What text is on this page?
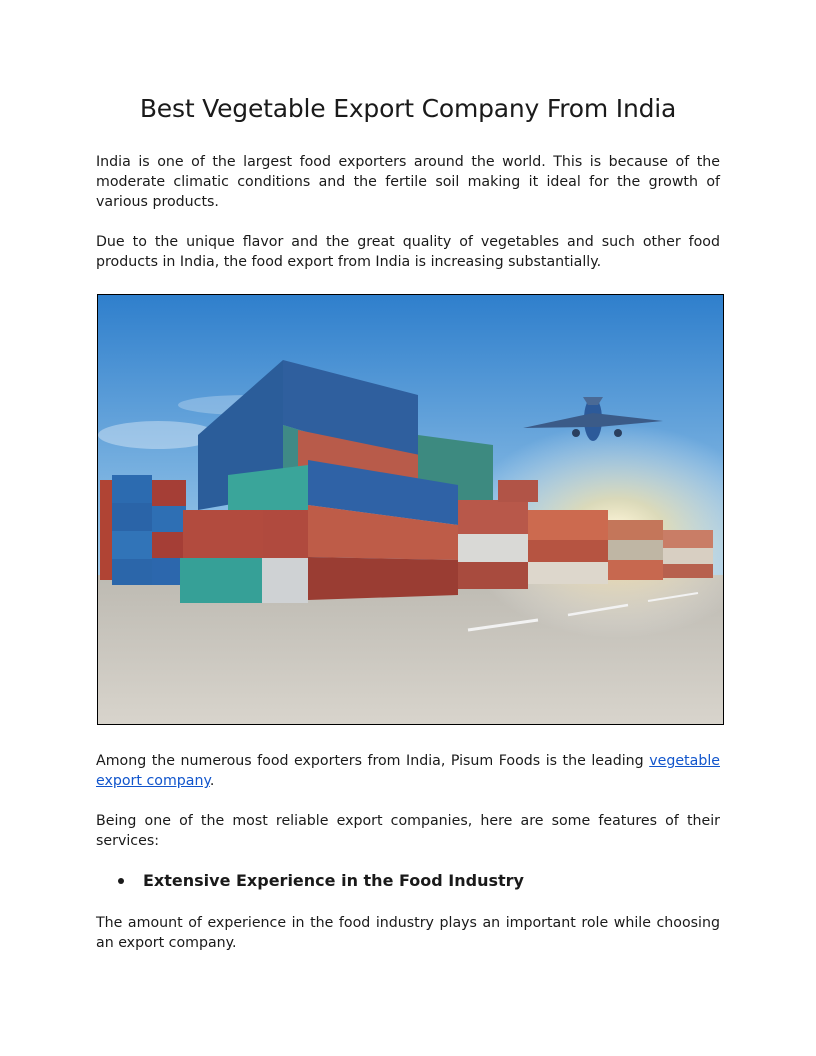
Best Vegetable Export Company From India

India is one of the largest food exporters around the world. This is because of the moderate climatic conditions and the fertile soil making it ideal for the growth of various products.

Due to the unique flavor and the great quality of vegetables and such other food products in India, the food export from India is increasing substantially.

Among the numerous food exporters from India, Pisum Foods is the leading vegetable export company.

Being one of the most reliable export companies, here are some features of their services:

Extensive Experience in the Food Industry

The amount of experience in the food industry plays an important role while choosing an export company.
